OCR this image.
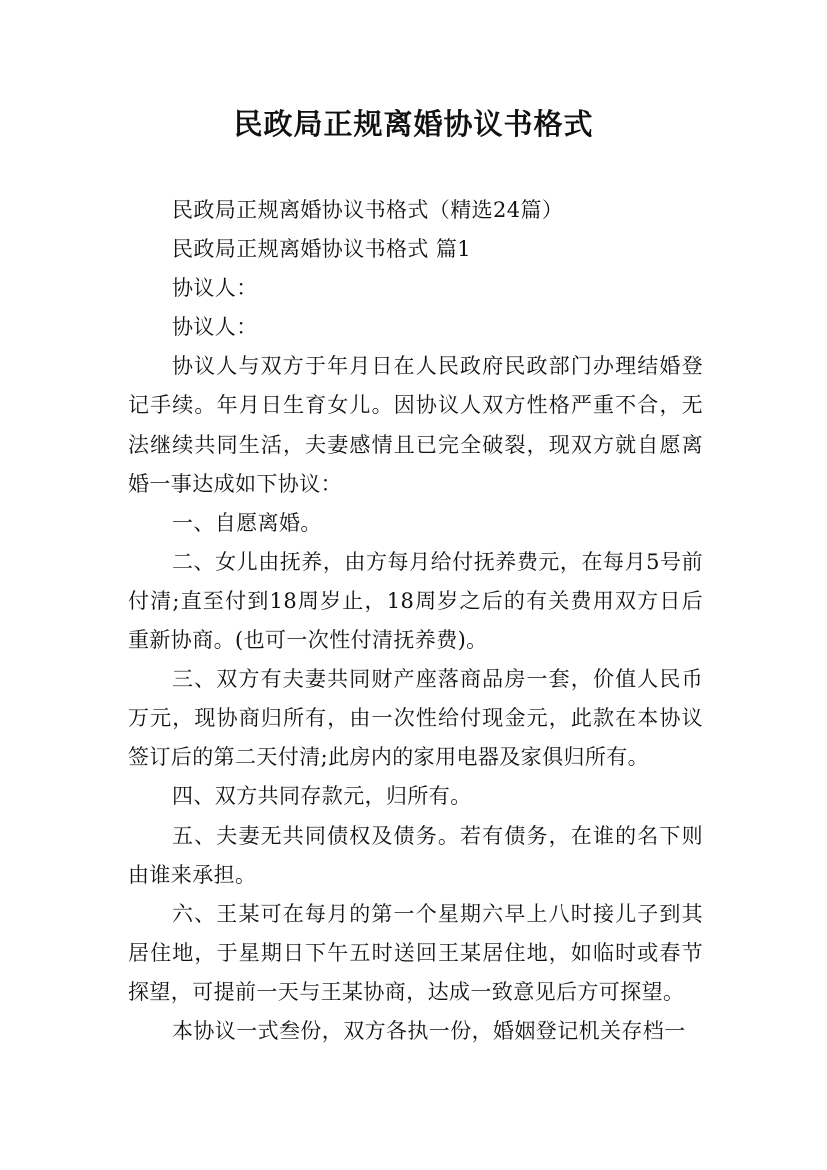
民政局正规离婚协议书格式

民政局正规离婚协议书格式（精选24篇）

民政局正规离婚协议书格式 篇1

协议人：

协议人：

协议人与双方于年月日在人民政府民政部门办理结婚登记手续。年月日生育女儿。因协议人双方性格严重不合，无法继续共同生活，夫妻感情且已完全破裂，现双方就自愿离婚一事达成如下协议：

一、自愿离婚。

二、女儿由抚养，由方每月给付抚养费元，在每月5号前付清;直至付到18周岁止，18周岁之后的有关费用双方日后重新协商。(也可一次性付清抚养费)。

三、双方有夫妻共同财产座落商品房一套，价值人民币万元，现协商归所有，由一次性给付现金元，此款在本协议签订后的第二天付清;此房内的家用电器及家俱归所有。

四、双方共同存款元，归所有。

五、夫妻无共同债权及债务。若有债务，在谁的名下则由谁来承担。

六、王某可在每月的第一个星期六早上八时接儿子到其居住地，于星期日下午五时送回王某居住地，如临时或春节探望，可提前一天与王某协商，达成一致意见后方可探望。

本协议一式叁份，双方各执一份，婚姻登记机关存档一
